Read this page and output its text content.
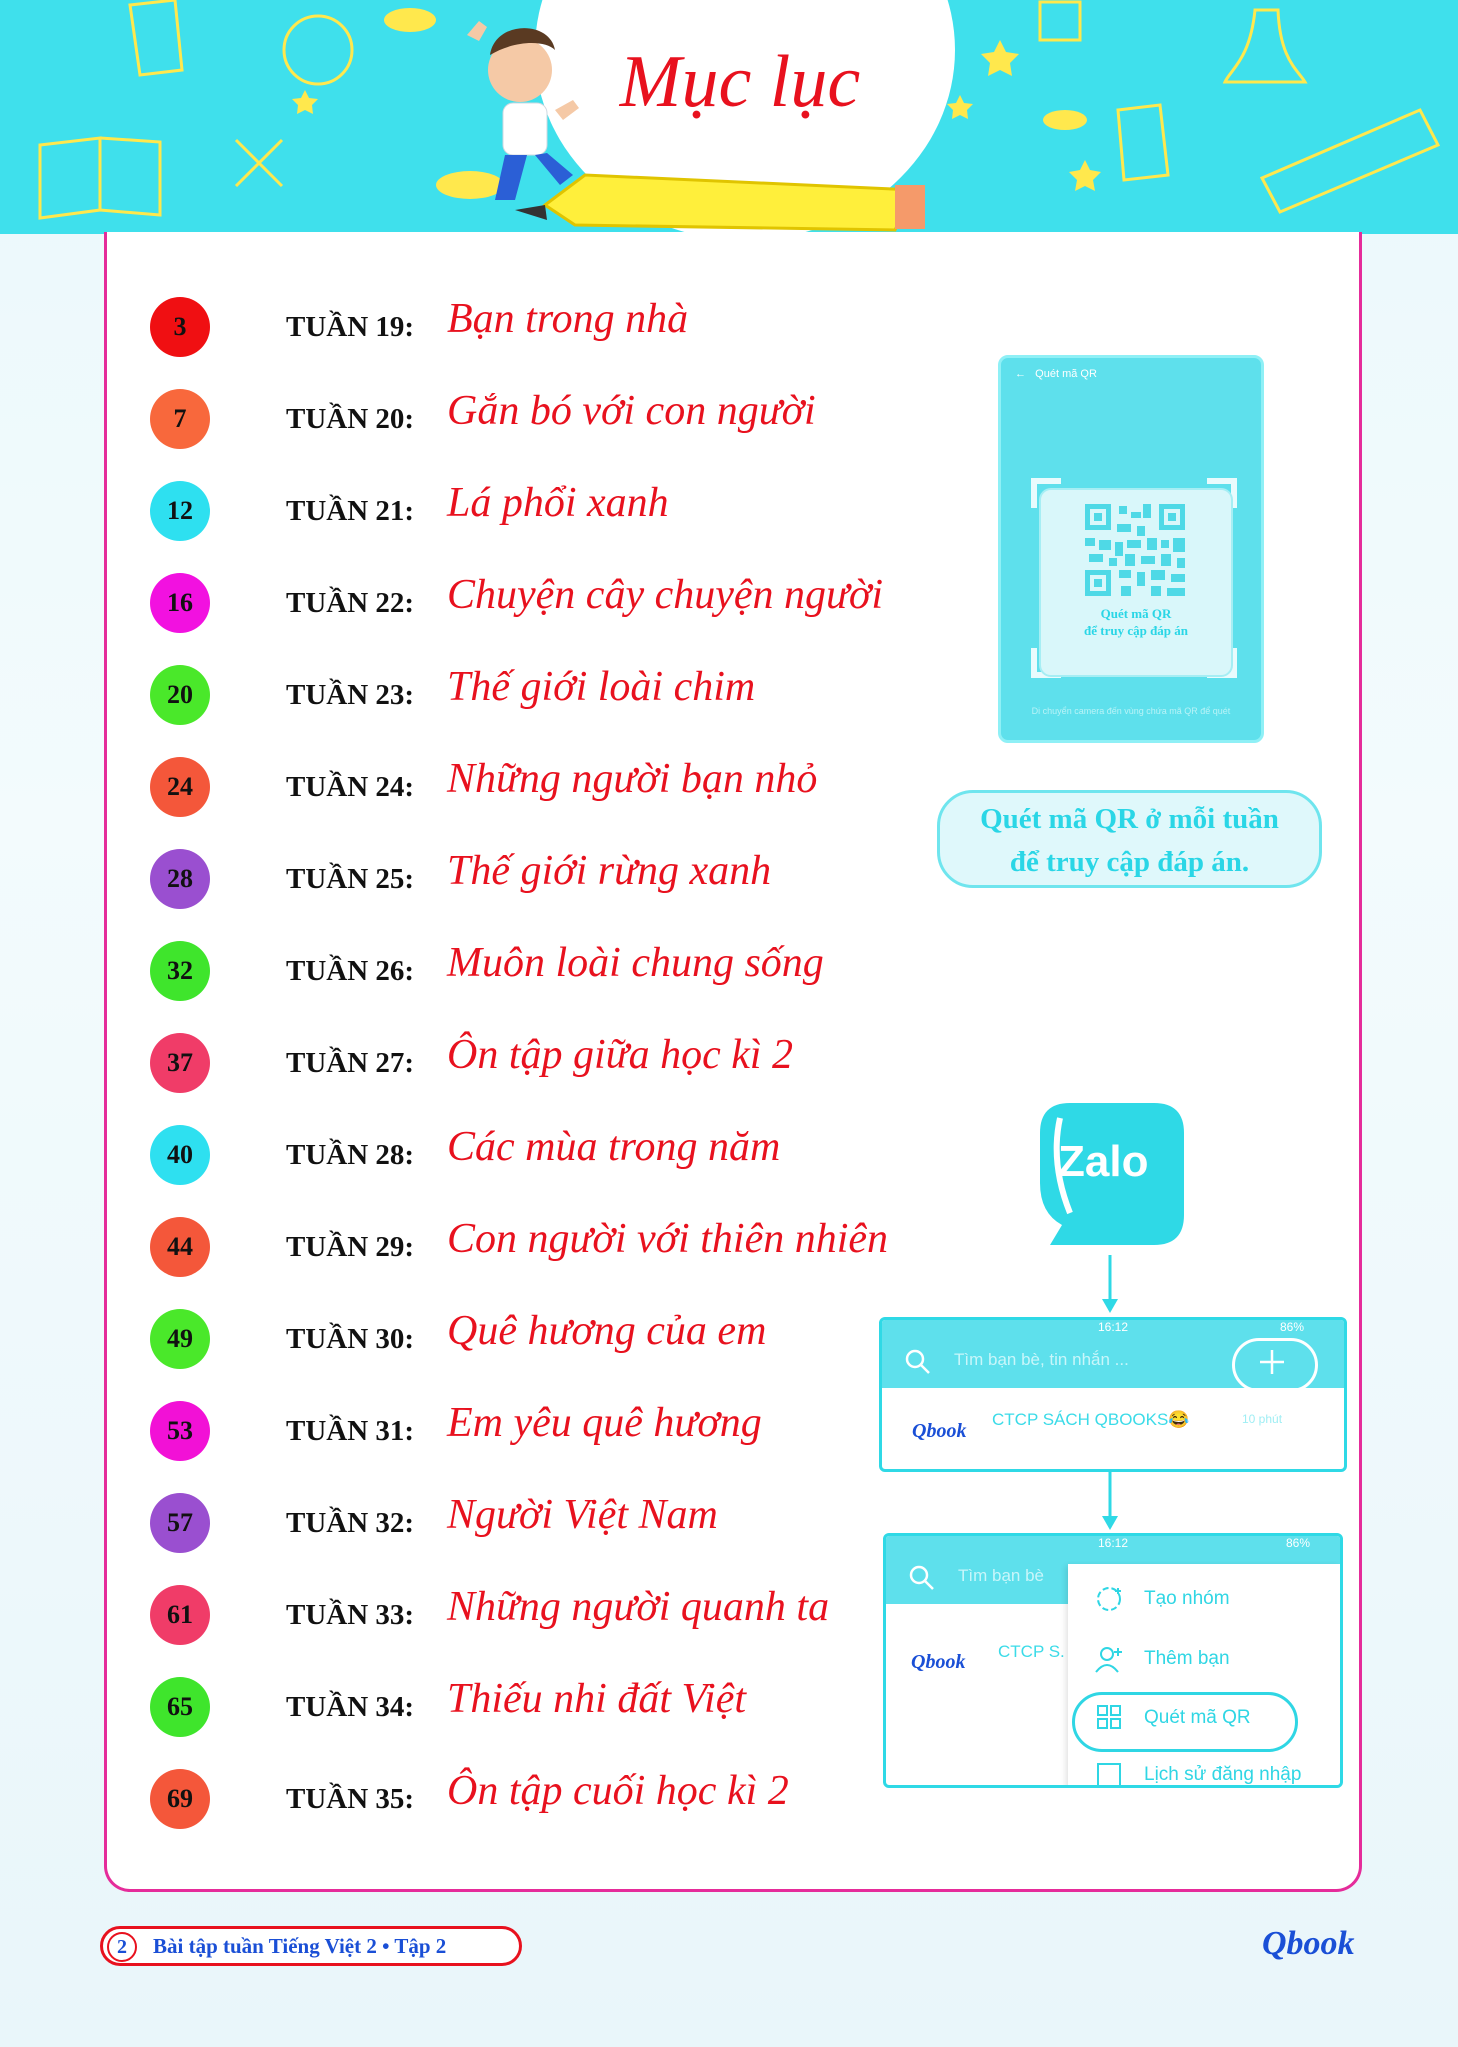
Mục lục
3	TUẦN 19: Bạn trong nhà
7	TUẦN 20: Gắn bó với con người
12	TUẦN 21: Lá phổi xanh
16	TUẦN 22: Chuyện cây chuyện người
20	TUẦN 23: Thế giới loài chim
24	TUẦN 24: Những người bạn nhỏ
28	TUẦN 25: Thế giới rừng xanh
32	TUẦN 26: Muôn loài chung sống
37	TUẦN 27: Ôn tập giữa học kì 2
40	TUẦN 28: Các mùa trong năm
44	TUẦN 29: Con người với thiên nhiên
49	TUẦN 30: Quê hương của em
53	TUẦN 31: Em yêu quê hương
57	TUẦN 32: Người Việt Nam
61	TUẦN 33: Những người quanh ta
65	TUẦN 34: Thiếu nhi đất Việt
69	TUẦN 35: Ôn tập cuối học kì 2
← Quét mã QR
Quét mã QR
để truy cập đáp án
Di chuyển camera đến vùng chứa mã QR để quét
Quét mã QR ở mỗi tuần
để truy cập đáp án.
Zalo
16:12	86%
Tìm bạn bè, tin nhắn ...
Qbook
CTCP SÁCH QBOOKS😂	10 phút
16:12	86%
Tìm bạn bè
Qbook CTCP S.
Tạo nhóm
Thêm bạn
Quét mã QR
Lịch sử đăng nhập
2	Bài tập tuần Tiếng Việt 2 • Tập 2	Qbook
